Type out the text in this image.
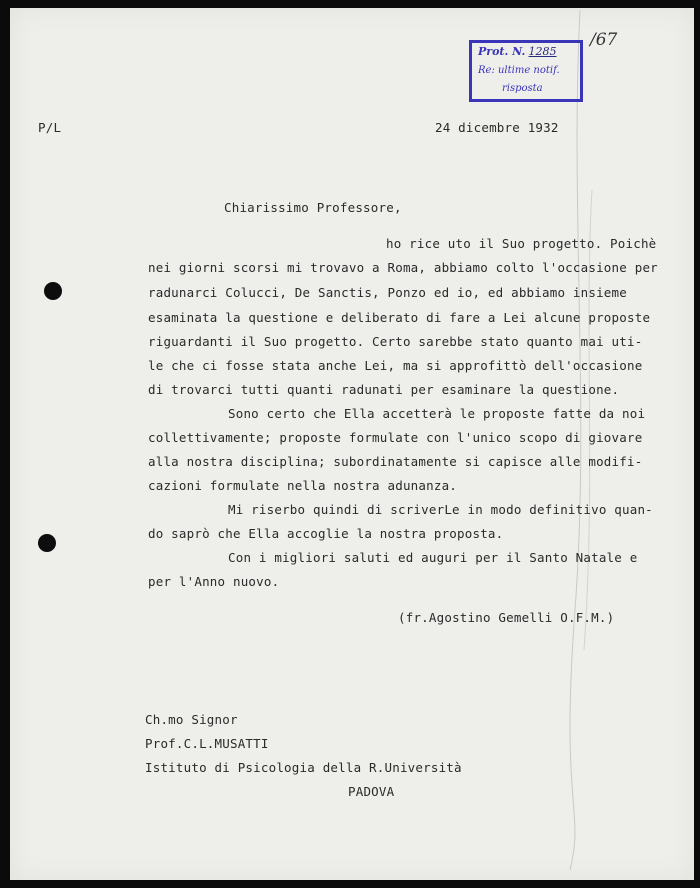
Prot. N. 1285
Re: ultime notif.
risposta
/67
P/L	24 dicembre 1932
Chiarissimo Professore,
ho rice uto il Suo progetto. Poichè
nei giorni scorsi mi trovavo a Roma, abbiamo colto l'occasione per
radunarci Colucci, De Sanctis, Ponzo ed io, ed abbiamo insieme
esaminata la questione e deliberato di fare a Lei alcune proposte
riguardanti il Suo progetto. Certo sarebbe stato quanto mai uti-
le che ci fosse stata anche Lei, ma si approfittò dell'occasione
di trovarci tutti quanti radunati per esaminare la questione.
Sono certo che Ella accetterà le proposte fatte da noi
collettivamente; proposte formulate con l'unico scopo di giovare
alla nostra disciplina; subordinatamente si capisce alle modifi-
cazioni formulate nella nostra adunanza.
Mi riserbo quindi di scriverLe in modo definitivo quan-
do saprò che Ella accoglie la nostra proposta.
Con i migliori saluti ed auguri per il Santo Natale e
per l'Anno nuovo.
(fr.Agostino Gemelli O.F.M.)
Ch.mo Signor
Prof.C.L.MUSATTI
Istituto di Psicologia della R.Università
PADOVA
